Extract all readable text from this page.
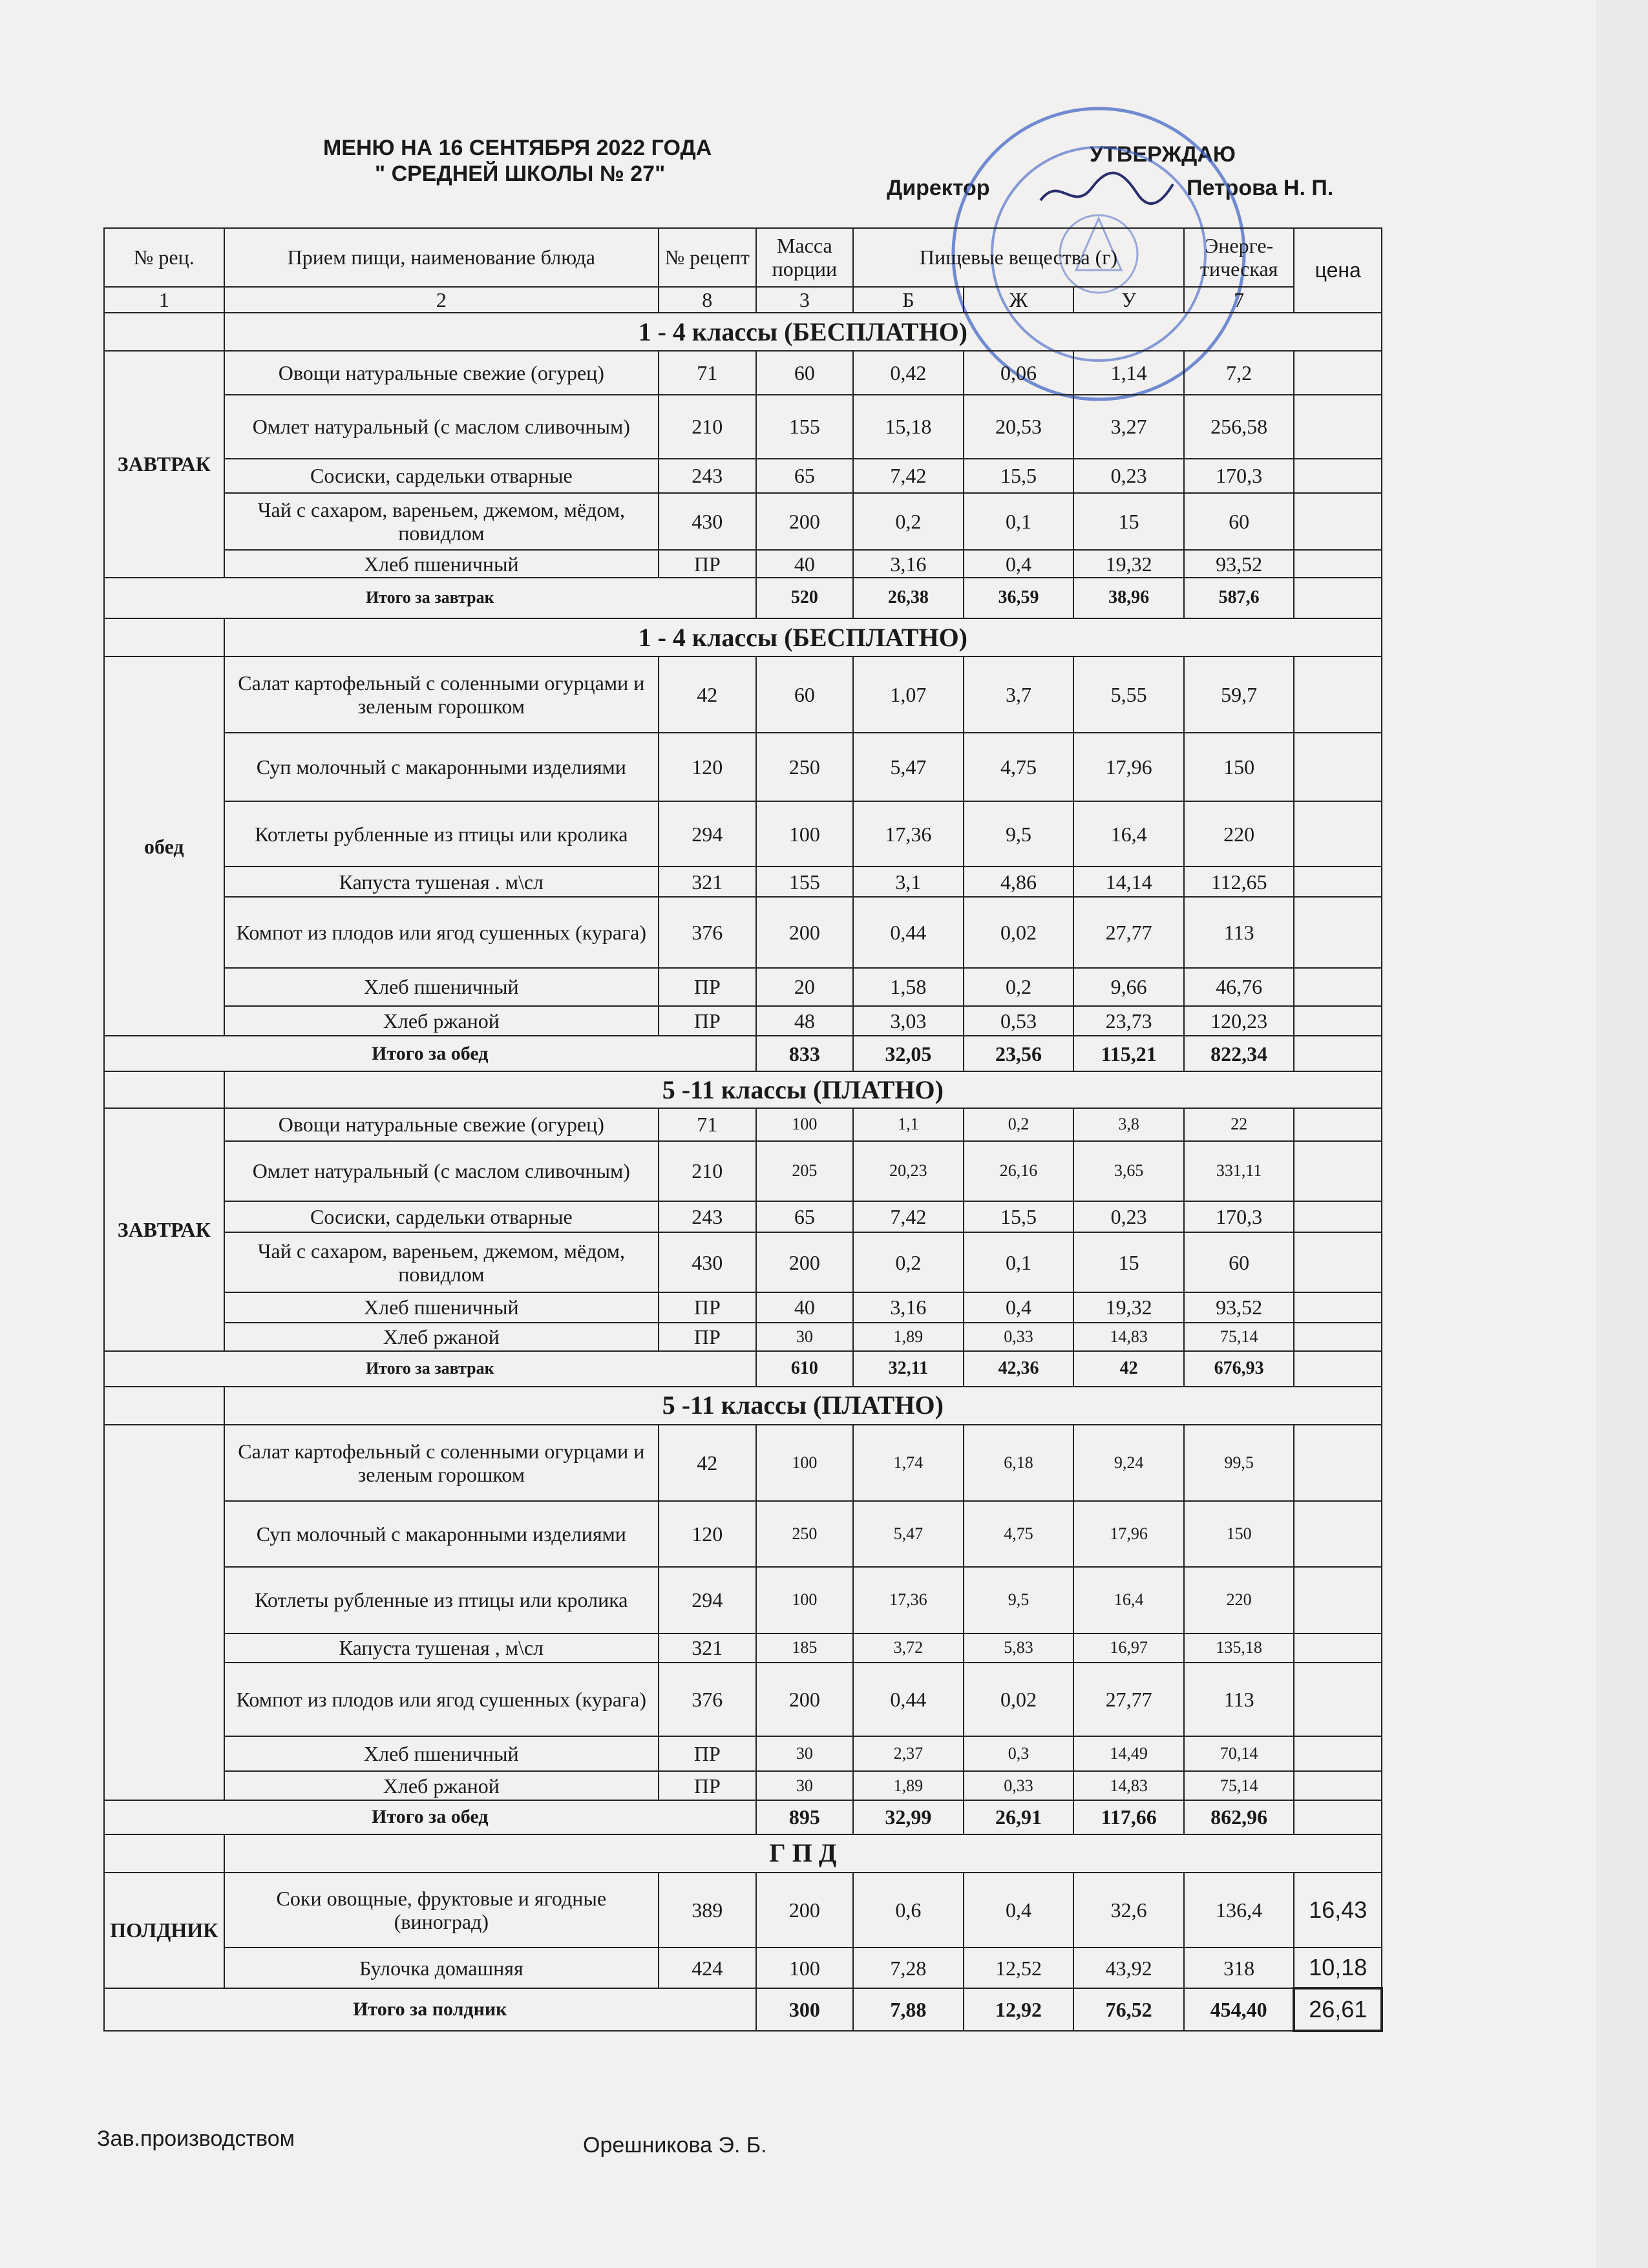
МЕНЮ НА 16 СЕНТЯБРЯ 2022 ГОДА
" СРЕДНЕЙ ШКОЛЫ № 27"
УТВЕРЖДАЮ
Директор	Петрова Н. П.
№ рец.	Прием пищи, наименование блюда	№ рецепт	Масса порции	Пищевые вещества (г)			Энерге-тическая	цена
1	2	8	3	Б	Ж	У	7	
	1 - 4 классы (БЕСПЛАТНО)							
ЗАВТРАК	Овощи натуральные свежие (огурец)	71	60	0,42	0,06	1,14	7,2	
	Омлет натуральный (с маслом сливочным)	210	155	15,18	20,53	3,27	256,58	
	Сосиски, сардельки отварные	243	65	7,42	15,5	0,23	170,3	
	Чай с сахаром, вареньем, джемом, мёдом, повидлом	430	200	0,2	0,1	15	60	
	Хлеб пшеничный	ПР	40	3,16	0,4	19,32	93,52	
Итого за завтрак			520	26,38	36,59	38,96	587,6	
	1 - 4 классы (БЕСПЛАТНО)							
обед	Салат картофельный с соленными огурцами и зеленым горошком	42	60	1,07	3,7	5,55	59,7	
	Суп молочный с макаронными изделиями	120	250	5,47	4,75	17,96	150	
	Котлеты рубленные из птицы или кролика	294	100	17,36	9,5	16,4	220	
	Капуста тушеная . м\сл	321	155	3,1	4,86	14,14	112,65	
	Компот из плодов или ягод сушенных (курага)	376	200	0,44	0,02	27,77	113	
	Хлеб пшеничный	ПР	20	1,58	0,2	9,66	46,76	
	Хлеб ржаной	ПР	48	3,03	0,53	23,73	120,23	
Итого за обед			833	32,05	23,56	115,21	822,34	
	5 -11 классы (ПЛАТНО)							
ЗАВТРАК	Овощи натуральные свежие (огурец)	71	100	1,1	0,2	3,8	22	
	Омлет натуральный (с маслом сливочным)	210	205	20,23	26,16	3,65	331,11	
	Сосиски, сардельки отварные	243	65	7,42	15,5	0,23	170,3	
	Чай с сахаром, вареньем, джемом, мёдом, повидлом	430	200	0,2	0,1	15	60	
	Хлеб пшеничный	ПР	40	3,16	0,4	19,32	93,52	
	Хлеб ржаной	ПР	30	1,89	0,33	14,83	75,14	
Итого за завтрак			610	32,11	42,36	42	676,93	
	5 -11 классы (ПЛАТНО)							
	Салат картофельный с соленными огурцами и зеленым горошком	42	100	1,74	6,18	9,24	99,5	
	Суп молочный с макаронными изделиями	120	250	5,47	4,75	17,96	150	
	Котлеты рубленные из птицы или кролика	294	100	17,36	9,5	16,4	220	
	Капуста тушеная , м\сл	321	185	3,72	5,83	16,97	135,18	
	Компот из плодов или ягод сушенных (курага)	376	200	0,44	0,02	27,77	113	
	Хлеб пшеничный	ПР	30	2,37	0,3	14,49	70,14	
	Хлеб ржаной	ПР	30	1,89	0,33	14,83	75,14	
Итого за обед			895	32,99	26,91	117,66	862,96	
	Г П Д							
ПОЛДНИК	Соки овощные, фруктовые и ягодные (виноград)	389	200	0,6	0,4	32,6	136,4	16,43
	Булочка домашняя	424	100	7,28	12,52	43,92	318	10,18
Итого за полдник			300	7,88	12,92	76,52	454,40	26,61
Зав.производством	Орешникова Э. Б.
